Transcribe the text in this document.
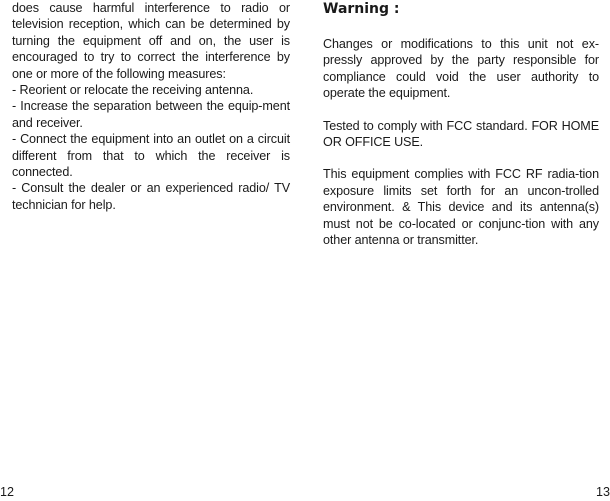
does cause harmful interference to radio or television reception, which can be determined by turning the equipment off and on, the user is encouraged to try to correct the interference by one or more of the following measures:

- Reorient or relocate the receiving antenna.

- Increase the separation between the equip-ment and receiver.

- Connect the equipment into an outlet on a circuit different from that to which the receiver is connected.

- Consult the dealer or an experienced radio/ TV technician for help.

Warning :

Changes or modifications to this unit not ex-pressly approved by the party responsible for compliance could void the user authority to operate the equipment.

Tested to comply with FCC standard. FOR HOME OR OFFICE USE.

This equipment complies with FCC RF radia-tion exposure limits set forth for an uncon-trolled environment. & This device and its antenna(s) must not be co-located or conjunc-tion with any other antenna or transmitter.

12	13
